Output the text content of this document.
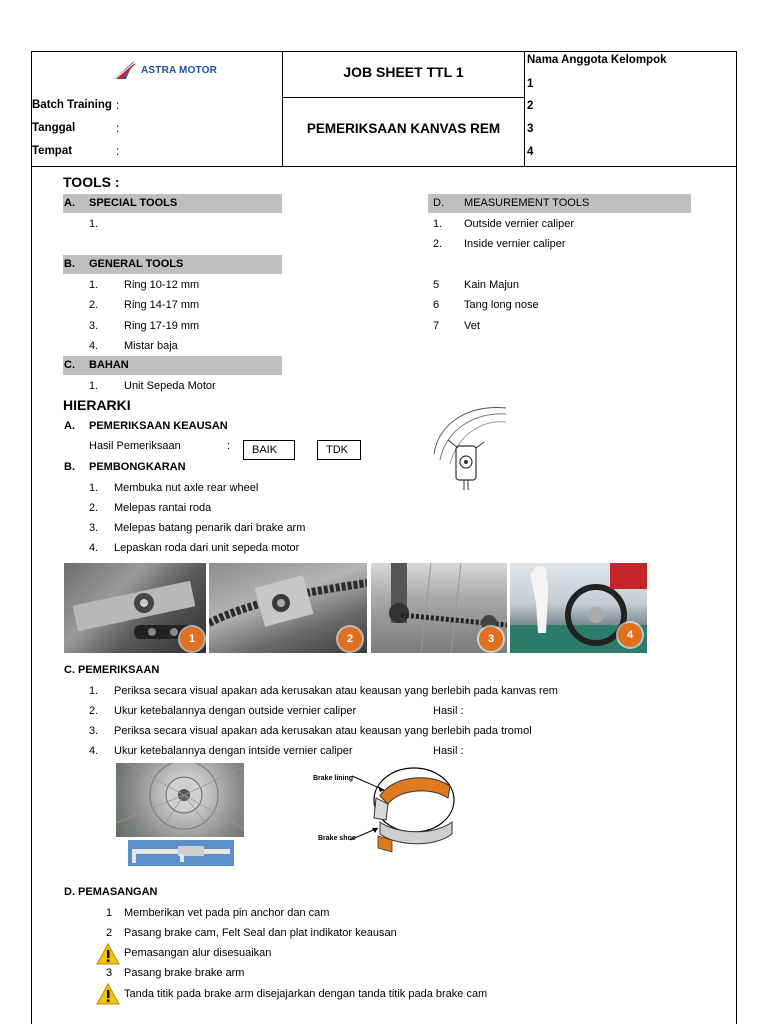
ASTRA MOTOR
Batch Training :
Tanggal	:
Tempat	:
JOB SHEET TTL 1
PEMERIKSAAN KANVAS REM
Nama Anggota Kelompok
1
2
3
4
TOOLS :
A. SPECIAL TOOLS
1.
B. GENERAL TOOLS
1. Ring 10-12 mm
2. Ring 14-17 mm
3. Ring 17-19 mm
4. Mistar baja
C. BAHAN
1. Unit Sepeda Motor
D. MEASUREMENT TOOLS
1. Outside vernier caliper
2. Inside vernier caliper
5 Kain Majun
6 Tang long nose
7 Vet
HIERARKI
A. PEMERIKSAAN KEAUSAN
Hasil Pemeriksaan	:	BAIK	TDK
B. PEMBONGKARAN
1. Membuka nut axle rear wheel
2. Melepas rantai roda
3. Melepas batang penarik dari brake arm
4. Lepaskan roda dari unit sepeda motor
1	2	3	4
C. PEMERIKSAAN
1. Periksa secara visual apakan ada kerusakan atau keausan yang berlebih pada kanvas rem
2. Ukur ketebalannya dengan outside vernier caliper	Hasil :
3. Periksa secara visual apakan ada kerusakan atau keausan yang berlebih pada tromol
4. Ukur ketebalannya dengan intside vernier caliper	Hasil :
Brake lining
Brake shoe
D. PEMASANGAN
1 Memberikan vet pada pin anchor dan cam
2 Pasang brake cam, Felt Seal dan plat indikator keausan
Pemasangan alur disesuaikan
3 Pasang brake brake arm
Tanda titik pada brake arm disejajarkan dengan tanda titik pada brake cam
